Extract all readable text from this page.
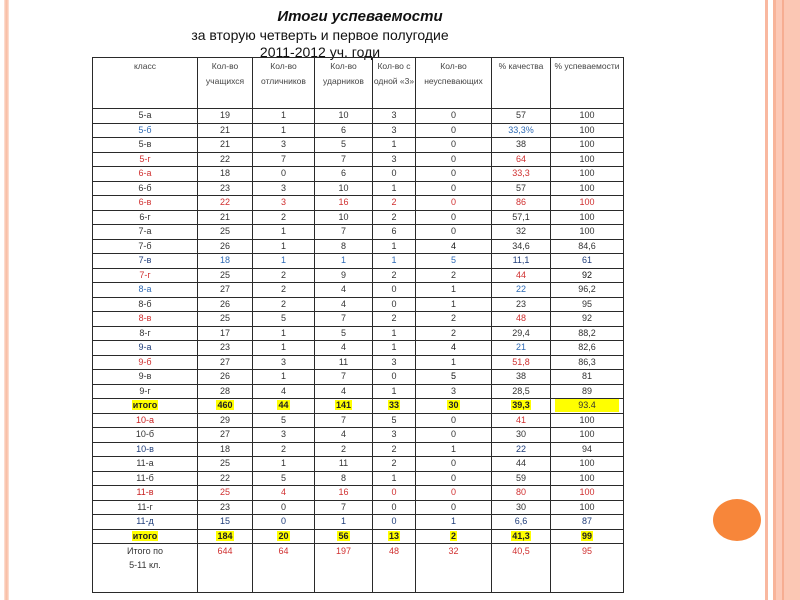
Итоги успеваемости
за вторую четверть и первое полугодие
2011-2012 уч. годи
класс	Кол-во учащихся	Кол-во отличников	Кол-во ударников	Кол-во с одной «3»	Кол-во неуспевающих	% качества	% успеваемости
5-а	19	1	10	3	0	57	100
5-б	21	1	6	3	0	33,3%	100
5-в	21	3	5	1	0	38	100
5-г	22	7	7	3	0	64	100
6-а	18	0	6	0	0	33,3	100
6-б	23	3	10	1	0	57	100
6-в	22	3	16	2	0	86	100
6-г	21	2	10	2	0	57,1	100
7-а	25	1	7	6	0	32	100
7-б	26	1	8	1	4	34,6	84,6
7-в	18	1	1	1	5	11,1	61
7-г	25	2	9	2	2	44	92
8-а	27	2	4	0	1	22	96,2
8-б	26	2	4	0	1	23	95
8-в	25	5	7	2	2	48	92
8-г	17	1	5	1	2	29,4	88,2
9-а	23	1	4	1	4	21	82,6
9-б	27	3	11	3	1	51,8	86,3
9-в	26	1	7	0	5	38	81
9-г	28	4	4	1	3	28,5	89
итого	460	44	141	33	30	39,3	93.4
10-а	29	5	7	5	0	41	100
10-б	27	3	4	3	0	30	100
10-в	18	2	2	2	1	22	94
11-а	25	1	11	2	0	44	100
11-б	22	5	8	1	0	59	100
11-в	25	4	16	0	0	80	100
11-г	23	0	7	0	0	30	100
11-д	15	0	1	0	1	6,6	87
итого	184	20	56	13	2	41,3	99

Итого по
5-11 кл.	644	64	197	48	32	40,5	95
